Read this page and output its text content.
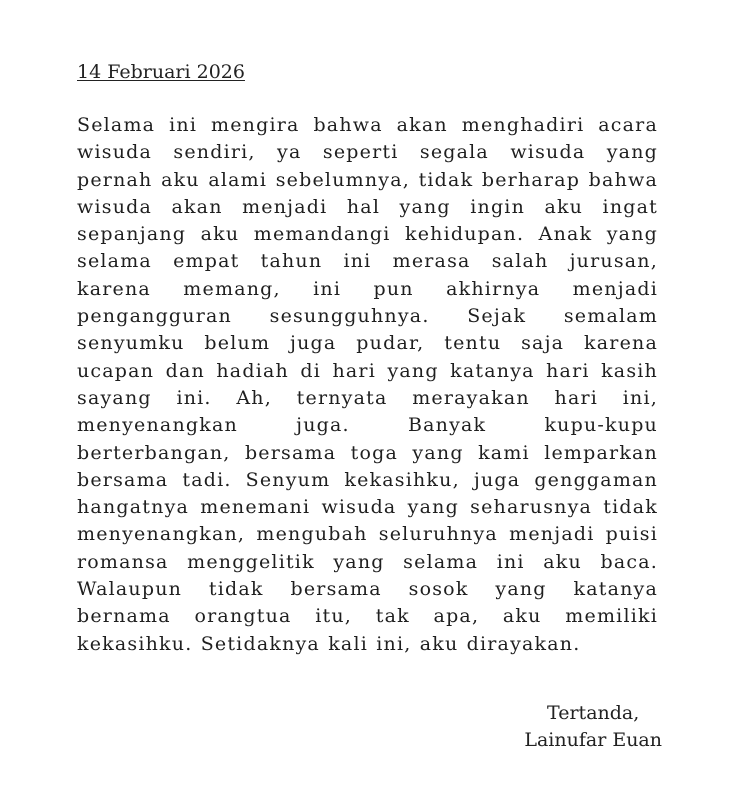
14 Februari 2026

Selama ini mengira bahwa akan menghadiri acara wisuda sendiri, ya seperti segala wisuda yang pernah aku alami sebelumnya, tidak berharap bahwa wisuda akan menjadi hal yang ingin aku ingat sepanjang aku memandangi kehidupan. Anak yang selama empat tahun ini merasa salah jurusan, karena memang, ini pun akhirnya menjadi pengangguran sesungguhnya. Sejak semalam senyumku belum juga pudar, tentu saja karena ucapan dan hadiah di hari yang katanya hari kasih sayang ini. Ah, ternyata merayakan hari ini, menyenangkan juga. Banyak kupu-kupu berterbangan, bersama toga yang kami lemparkan bersama tadi. Senyum kekasihku, juga genggaman hangatnya menemani wisuda yang seharusnya tidak menyenangkan, mengubah seluruhnya menjadi puisi romansa menggelitik yang selama ini aku baca. Walaupun tidak bersama sosok yang katanya bernama orangtua itu, tak apa, aku memiliki kekasihku. Setidaknya kali ini, aku dirayakan.

Tertanda,
Lainufar Euan
